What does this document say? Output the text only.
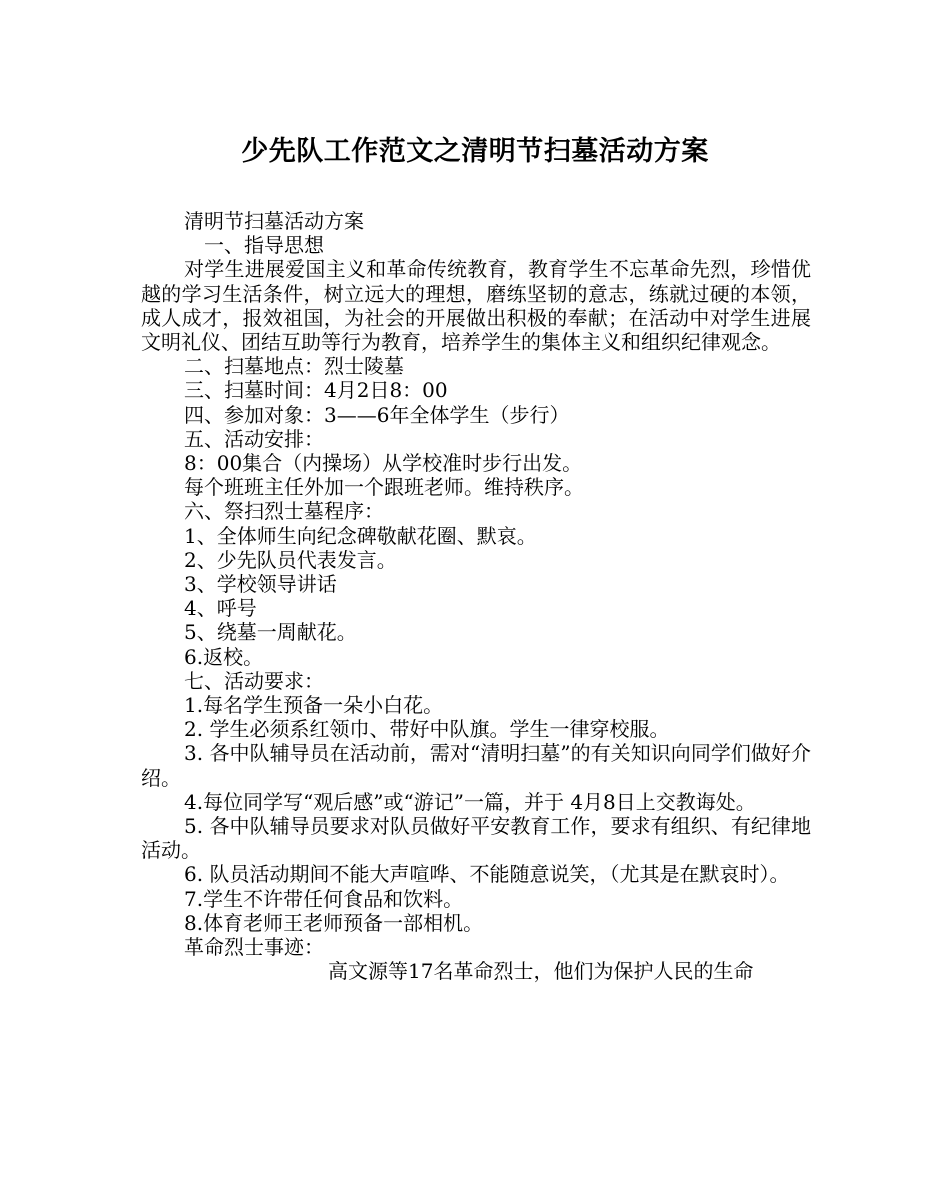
少先队工作范文之清明节扫墓活动方案

清明节扫墓活动方案

一、指导思想

对学生进展爱国主义和革命传统教育，教育学生不忘革命先烈，珍惜优越的学习生活条件，树立远大的理想，磨练坚韧的意志，练就过硬的本领，成人成才，报效祖国，为社会的开展做出积极的奉献；在活动中对学生进展文明礼仪、团结互助等行为教育，培养学生的集体主义和组织纪律观念。

二、扫墓地点：烈士陵墓

三、扫墓时间：4月2日8：00

四、参加对象：3——6年全体学生（步行）

五、活动安排：

8：00集合（内操场）从学校准时步行出发。

每个班班主任外加一个跟班老师。维持秩序。

六、祭扫烈士墓程序：

1、全体师生向纪念碑敬献花圈、默哀。

2、少先队员代表发言。

3、学校领导讲话

4、呼号

5、绕墓一周献花。

6.返校。

七、活动要求：

1.每名学生预备一朵小白花。

2. 学生必须系红领巾、带好中队旗。学生一律穿校服。

3. 各中队辅导员在活动前，需对“清明扫墓”的有关知识向同学们做好介绍。

4.每位同学写“观后感”或“游记”一篇，并于 4月8日上交教诲处。

5. 各中队辅导员要求对队员做好平安教育工作，要求有组织、有纪律地活动。

6. 队员活动期间不能大声喧哗、不能随意说笑，（尤其是在默哀时）。

7.学生不许带任何食品和饮料。

8.体育老师王老师预备一部相机。

革命烈士事迹：

高文源等17名革命烈士，他们为保护人民的生命
